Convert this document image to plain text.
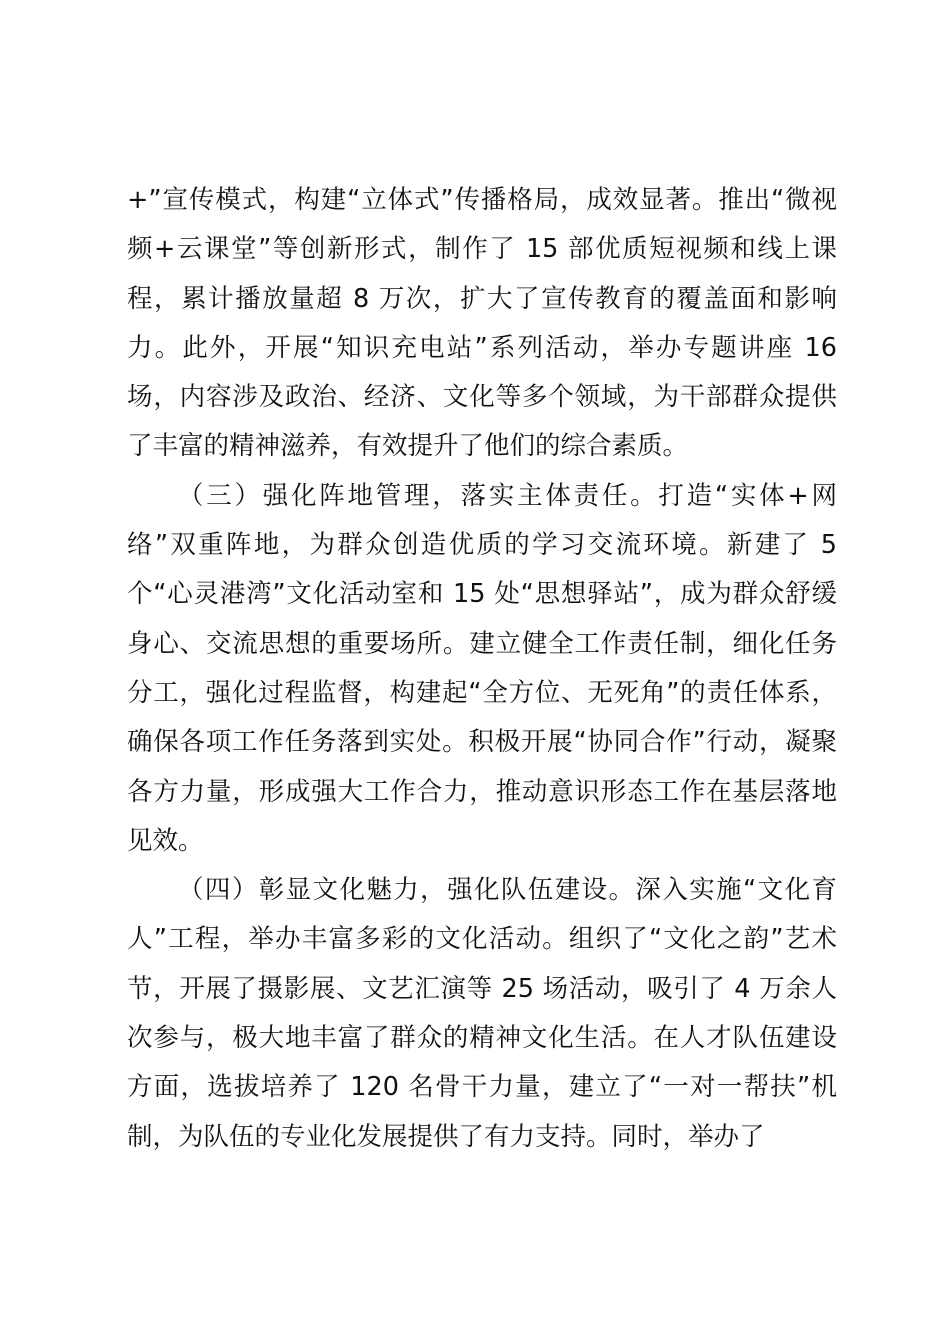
+”宣传模式，构建“立体式”传播格局，成效显著。推出“微视频+云课堂”等创新形式，制作了 15 部优质短视频和线上课程，累计播放量超 8 万次，扩大了宣传教育的覆盖面和影响力。此外，开展“知识充电站”系列活动，举办专题讲座 16 场，内容涉及政治、经济、文化等多个领域，为干部群众提供了丰富的精神滋养，有效提升了他们的综合素质。

（三）强化阵地管理，落实主体责任。打造“实体+网络”双重阵地，为群众创造优质的学习交流环境。新建了 5 个“心灵港湾”文化活动室和 15 处“思想驿站”，成为群众舒缓身心、交流思想的重要场所。建立健全工作责任制，细化任务分工，强化过程监督，构建起“全方位、无死角”的责任体系，确保各项工作任务落到实处。积极开展“协同合作”行动，凝聚各方力量，形成强大工作合力，推动意识形态工作在基层落地见效。

（四）彰显文化魅力，强化队伍建设。深入实施“文化育人”工程，举办丰富多彩的文化活动。组织了“文化之韵”艺术节，开展了摄影展、文艺汇演等 25 场活动，吸引了 4 万余人次参与，极大地丰富了群众的精神文化生活。在人才队伍建设方面，选拔培养了 120 名骨干力量，建立了“一对一帮扶”机制，为队伍的专业化发展提供了有力支持。同时，举办了
